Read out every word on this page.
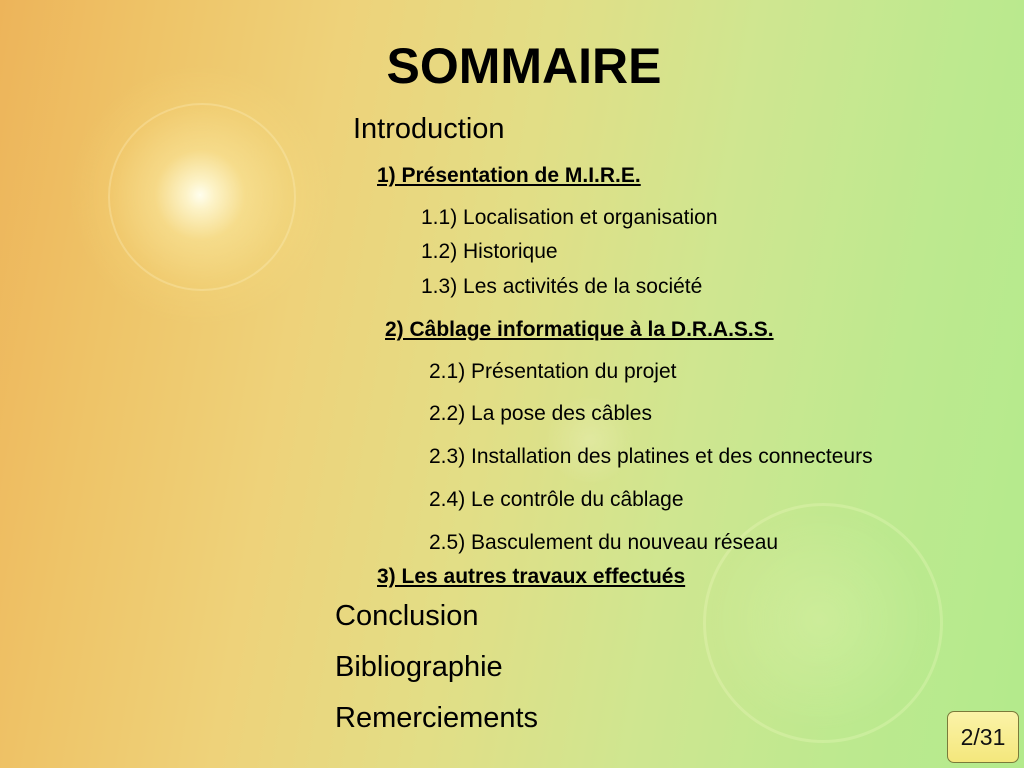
SOMMAIRE

Introduction

1) Présentation de M.I.R.E.

1.1) Localisation et organisation

1.2) Historique

1.3) Les activités de la société

2) Câblage informatique à la D.R.A.S.S.

2.1) Présentation du projet

2.2) La pose des câbles

2.3) Installation des platines et des connecteurs

2.4) Le contrôle du câblage

2.5) Basculement du nouveau réseau

3) Les autres travaux effectués

Conclusion

Bibliographie

Remerciements

2/31
